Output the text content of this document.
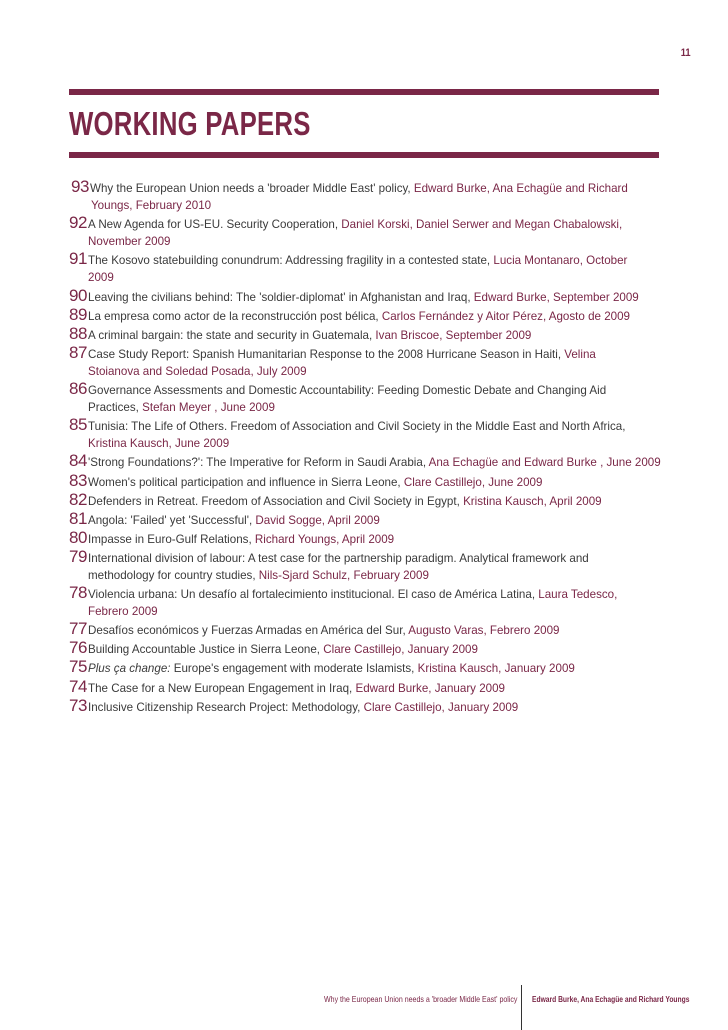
11
WORKING PAPERS

93Why the European Union needs a 'broader Middle East' policy, Edward Burke, Ana Echagüe and Richard
Youngs, February 2010

92A New Agenda for US-EU. Security Cooperation, Daniel Korski, Daniel Serwer and Megan Chabalowski,
November 2009

91The Kosovo statebuilding conundrum: Addressing fragility in a contested state, Lucia Montanaro, October
2009

90Leaving the civilians behind: The 'soldier-diplomat' in Afghanistan and Iraq, Edward Burke, September 2009

89La empresa como actor de la reconstrucción post bélica, Carlos Fernández y Aitor Pérez, Agosto de 2009

88A criminal bargain: the state and security in Guatemala, Ivan Briscoe, September 2009

87Case Study Report: Spanish Humanitarian Response to the 2008 Hurricane Season in Haiti, Velina
Stoianova and Soledad Posada, July 2009

86Governance Assessments and Domestic Accountability: Feeding Domestic Debate and Changing Aid
Practices, Stefan Meyer , June 2009

85Tunisia: The Life of Others. Freedom of Association and Civil Society in the Middle East and North Africa,
Kristina Kausch, June 2009

84'Strong Foundations?': The Imperative for Reform in Saudi Arabia, Ana Echagüe and Edward Burke , June 2009

83Women's political participation and influence in Sierra Leone, Clare Castillejo, June 2009

82Defenders in Retreat. Freedom of Association and Civil Society in Egypt, Kristina Kausch, April 2009

81Angola: 'Failed' yet 'Successful', David Sogge, April 2009

80Impasse in Euro-Gulf Relations, Richard Youngs, April 2009

79International division of labour: A test case for the partnership paradigm. Analytical framework and
methodology for country studies, Nils-Sjard Schulz, February 2009

78Violencia urbana: Un desafío al fortalecimiento institucional. El caso de América Latina, Laura Tedesco,
Febrero 2009

77Desafíos económicos y Fuerzas Armadas en América del Sur, Augusto Varas, Febrero 2009

76Building Accountable Justice in Sierra Leone, Clare Castillejo, January 2009

75Plus ça change: Europe's engagement with moderate Islamists, Kristina Kausch, January 2009

74The Case for a New European Engagement in Iraq, Edward Burke, January 2009

73Inclusive Citizenship Research Project: Methodology, Clare Castillejo, January 2009

Why the European Union needs a 'broader Middle East' policy Edward Burke, Ana Echagüe and Richard Youngs
